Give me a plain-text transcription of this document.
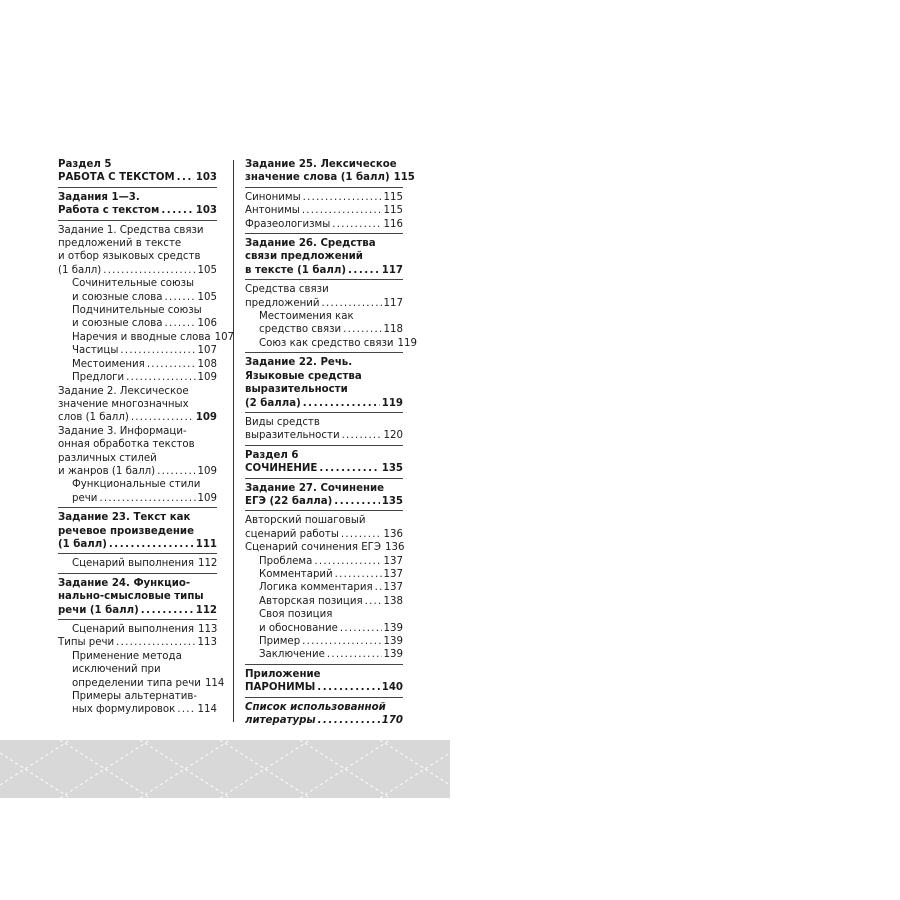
Раздел 5
РАБОТА С ТЕКСТОМ . . . 103
Задания 1—3.
Работа с текстом . . .	103
Задание 1. Средства связи
предложений в тексте
и отбор языковых средств
(1 балл) . . .	105
Сочинительные союзы
и союзные слова . . .	105
Подчинительные союзы
и союзные слова . . .	106
Наречия и вводные слова 107
Частицы . . .	107
Местоимения . . .	108
Предлоги . . .	109
Задание 2. Лексическое
значение многозначных
слов (1 балл) . . .	109
Задание 3. Информаци-
онная обработка текстов
различных стилей
и жанров (1 балл) . . .	109
Функциональные стили
речи . . .	109
Задание 23. Текст как
речевое произведение
(1 балл) . . .	111
Сценарий выполнения 112
Задание 24. Функцио-
нально-смысловые типы
речи (1 балл) . . .	112
Сценарий выполнения 113
Типы речи . . .	113
Применение метода
исключений при
определении типа речи 114
Примеры альтернатив-
ных формулировок . . . 114
Задание 25. Лексическое
значение слова (1 балл) 115
Синонимы . . .	115
Антонимы . . .	115
Фразеологизмы . . .	116
Задание 26. Средства
связи предложений
в тексте (1 балл) . . .	117
Средства связи
предложений . . .	117
Местоимения как
средство связи . . .	118
Союз как средство связи 119
Задание 22. Речь.
Языковые средства
выразительности
(2 балла) . . .	119
Виды средств
выразительности . . .	120
Раздел 6
СОЧИНЕНИЕ . . .	135
Задание 27. Сочинение
ЕГЭ (22 балла) . . .	135
Авторский пошаговый
сценарий работы . . .	136
Сценарий сочинения ЕГЭ 136
Проблема . . .	137
Комментарий . . .	137
Логика комментария . . . 137
Авторская позиция . . . 138
Своя позиция
и обоснование . . .	139
Пример . . .	139
Заключение . . .	139
Приложение
ПАРОНИМЫ . . .	140
Список использованной
литературы . . .	170
